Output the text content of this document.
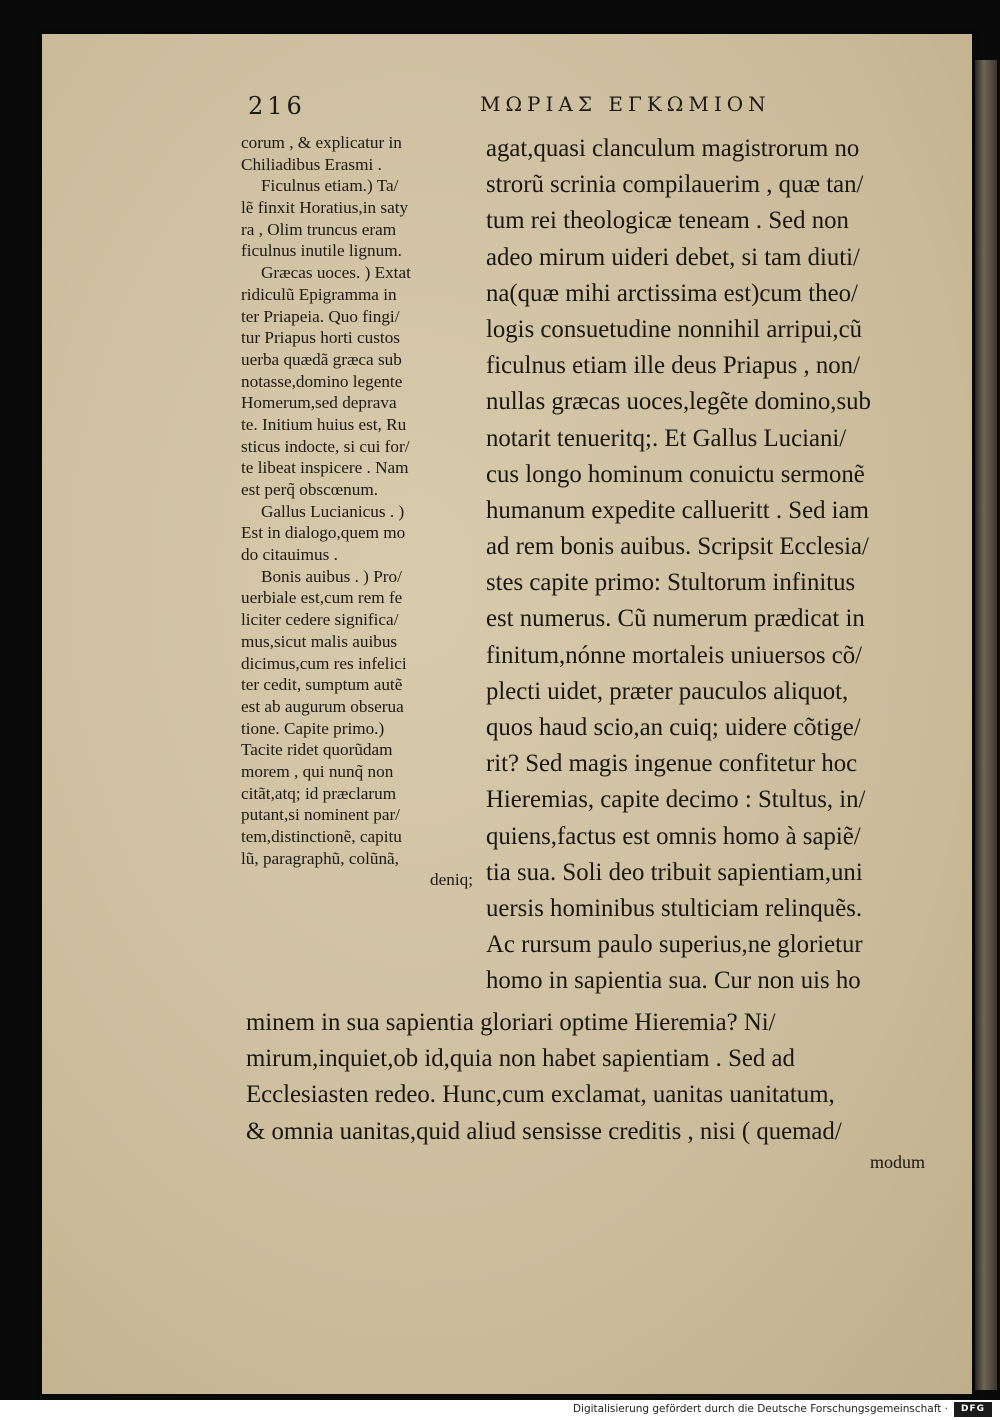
216	ΜΩΡΙΑΣ ΕΓΚΩΜΙΟΝ
corum , & explicatur in
Chiliadibus Erasmi .
Ficulnus etiam.) Ta/
lẽ finxit Horatius,in saty
ra , Olim truncus eram
ficulnus inutile lignum.
Græcas uoces. ) Extat
ridiculũ Epigramma in
ter Priapeia. Quo fingi/
tur Priapus horti custos
uerba quædã græca sub
notasse,domino legente
Homerum,sed deprava
te. Initium huius est, Ru
sticus indocte, si cui for/
te libeat inspicere . Nam
est perq̃ obscœnum.
Gallus Lucianicus . )
Est in dialogo,quem mo
do citauimus .
Bonis auibus . ) Pro/
uerbiale est,cum rem fe
liciter cedere significa/
mus,sicut malis auibus
dicimus,cum res infelici
ter cedit, sumptum autẽ
est ab augurum obserua
tione. Capite primo.)
Tacite ridet quorũdam
morem , qui nunq̃ non
citãt,atq; id præclarum
putant,si nominent par/
tem,distinctionẽ, capitu
lũ, paragraphũ, colũnã,
deniq;
agat,quasi clanculum magistrorum no
strorũ scrinia compilauerim , quæ tan/
tum rei theologicæ teneam . Sed non
adeo mirum uideri debet, si tam diuti/
na(quæ mihi arctissima est)cum theo/
logis consuetudine nonnihil arripui,cũ
ficulnus etiam ille deus Priapus , non/
nullas græcas uoces,legẽte domino,sub
notarit tenueritq;. Et Gallus Luciani/
cus longo hominum conuictu sermonẽ
humanum expedite callueritt . Sed iam
ad rem bonis auibus. Scripsit Ecclesia/
stes capite primo: Stultorum infinitus
est numerus. Cũ numerum prædicat in
finitum,nónne mortaleis uniuersos cõ/
plecti uidet, præter pauculos aliquot,
quos haud scio,an cuiq; uidere cõtige/
rit? Sed magis ingenue confitetur hoc
Hieremias, capite decimo : Stultus, in/
quiens,factus est omnis homo à sapiẽ/
tia sua. Soli deo tribuit sapientiam,uni
uersis hominibus stulticiam relinquẽs.
Ac rursum paulo superius,ne glorietur
homo in sapientia sua. Cur non uis ho
minem in sua sapientia gloriari optime Hieremia? Ni/
mirum,inquiet,ob id,quia non habet sapientiam . Sed ad
Ecclesiasten redeo. Hunc,cum exclamat, uanitas uanitatum,
& omnia uanitas,quid aliud sensisse creditis , nisi ( quemad/
modum
Digitalisierung gefördert durch die Deutsche Forschungsgemeinschaft ·	DFG
